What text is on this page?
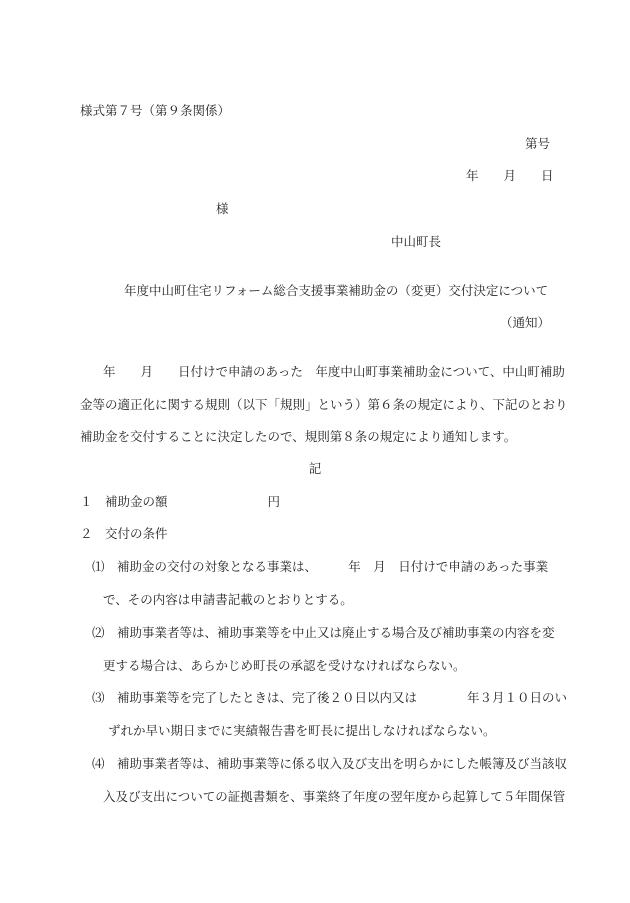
様式第７号（第９条関係）

第号

年　　月　　日

様

中山町長

年度中山町住宅リフォーム総合支援事業補助金の（変更）交付決定について

（通知）

年　　月　　日付けで申請のあった　年度中山町事業補助金について、中山町補助

金等の適正化に関する規則（以下「規則」という）第６条の規定により、下記のとおり

補助金を交付することに決定したので、規則第８条の規定により通知します。

記

１　補助金の額　　　　　　　　円

２　交付の条件

⑴　補助金の交付の対象となる事業は、　　　年　月　日付けで申請のあった事業

で、その内容は申請書記載のとおりとする。

⑵　補助事業者等は、補助事業等を中止又は廃止する場合及び補助事業の内容を変

更する場合は、あらかじめ町長の承認を受けなければならない。

⑶　補助事業等を完了したときは、完了後２０日以内又は　　　　年３月１０日のい

ずれか早い期日までに実績報告書を町長に提出しなければならない。

⑷　補助事業者等は、補助事業等に係る収入及び支出を明らかにした帳簿及び当該収

入及び支出についての証拠書類を、事業終了年度の翌年度から起算して５年間保管
